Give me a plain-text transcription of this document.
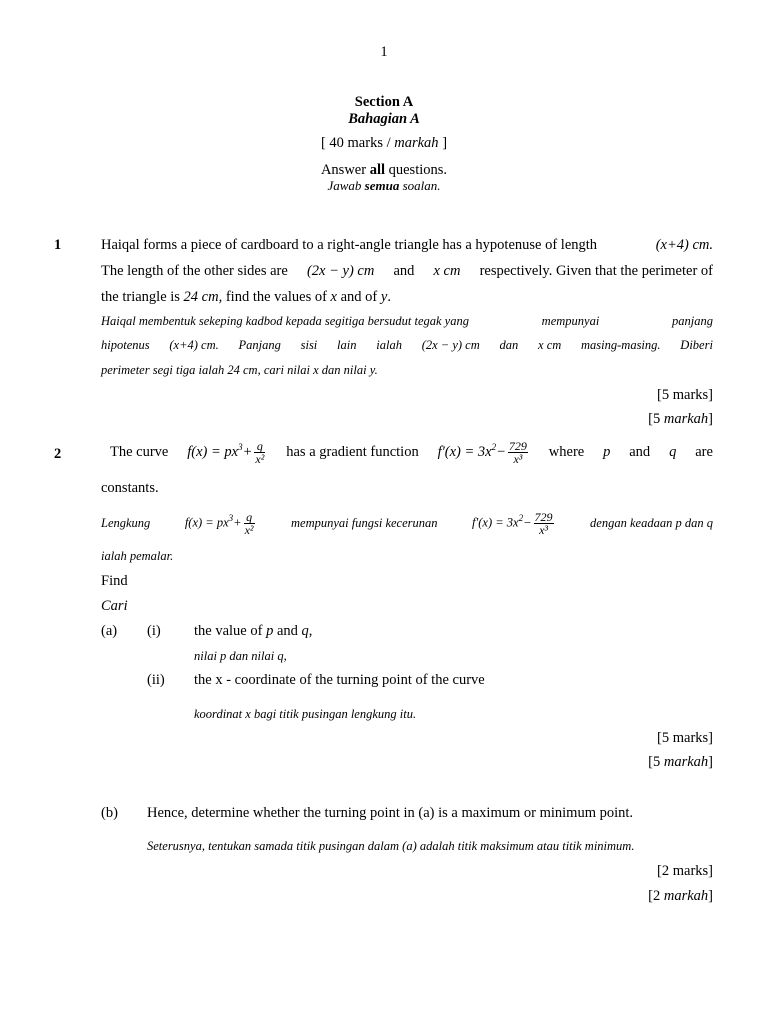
1
Section A
Bahagian A
[ 40 marks / markah ]
Answer all questions.
Jawab semua soalan.
1	Haiqal forms a piece of cardboard to a right-angle triangle has a hypotenuse of length	(x+4) cm.
The length of the other sides are (2x − y) cm and x cm respectively. Given that the perimeter of
the triangle is 24 cm, find the values of x and of y.
Haiqal membentuk sekeping kadbod kepada segitiga bersudut tegak yang	mempunyai	panjang
hipotenus (x+4) cm. Panjang sisi lain ialah (2x − y) cm dan x cm masing-masing. Diberi
perimeter segi tiga ialah 24 cm, cari nilai x dan nilai y.
[5 marks]
[5 markah]
2	The curve $f(x) = px^3+ \frac{q}{\text{x²}}$ has a gradient function $f'(x) = 3x^2- \frac{729}{\text{x³}}$ where p and q are
constants.
Lengkung	$f(x) = px^3+ \frac{q}{\text{x²}}$	mempunyai fungsi kecerunan	$f'(x) = 3x^2- \frac{729}{\text{x³}}$	dengan keadaan p dan q
ialah pemalar.
Find
Cari
(a) (i) the value of p and q,
nilai p dan nilai q,
(ii) the x - coordinate of the turning point of the curve
koordinat x bagi titik pusingan lengkung itu.
[5 marks]
[5 markah]
(b) Hence, determine whether the turning point in (a) is a maximum or minimum point.
Seterusnya, tentukan samada titik pusingan dalam (a) adalah titik maksimum atau titik minimum.
[2 marks]
[2 markah]
